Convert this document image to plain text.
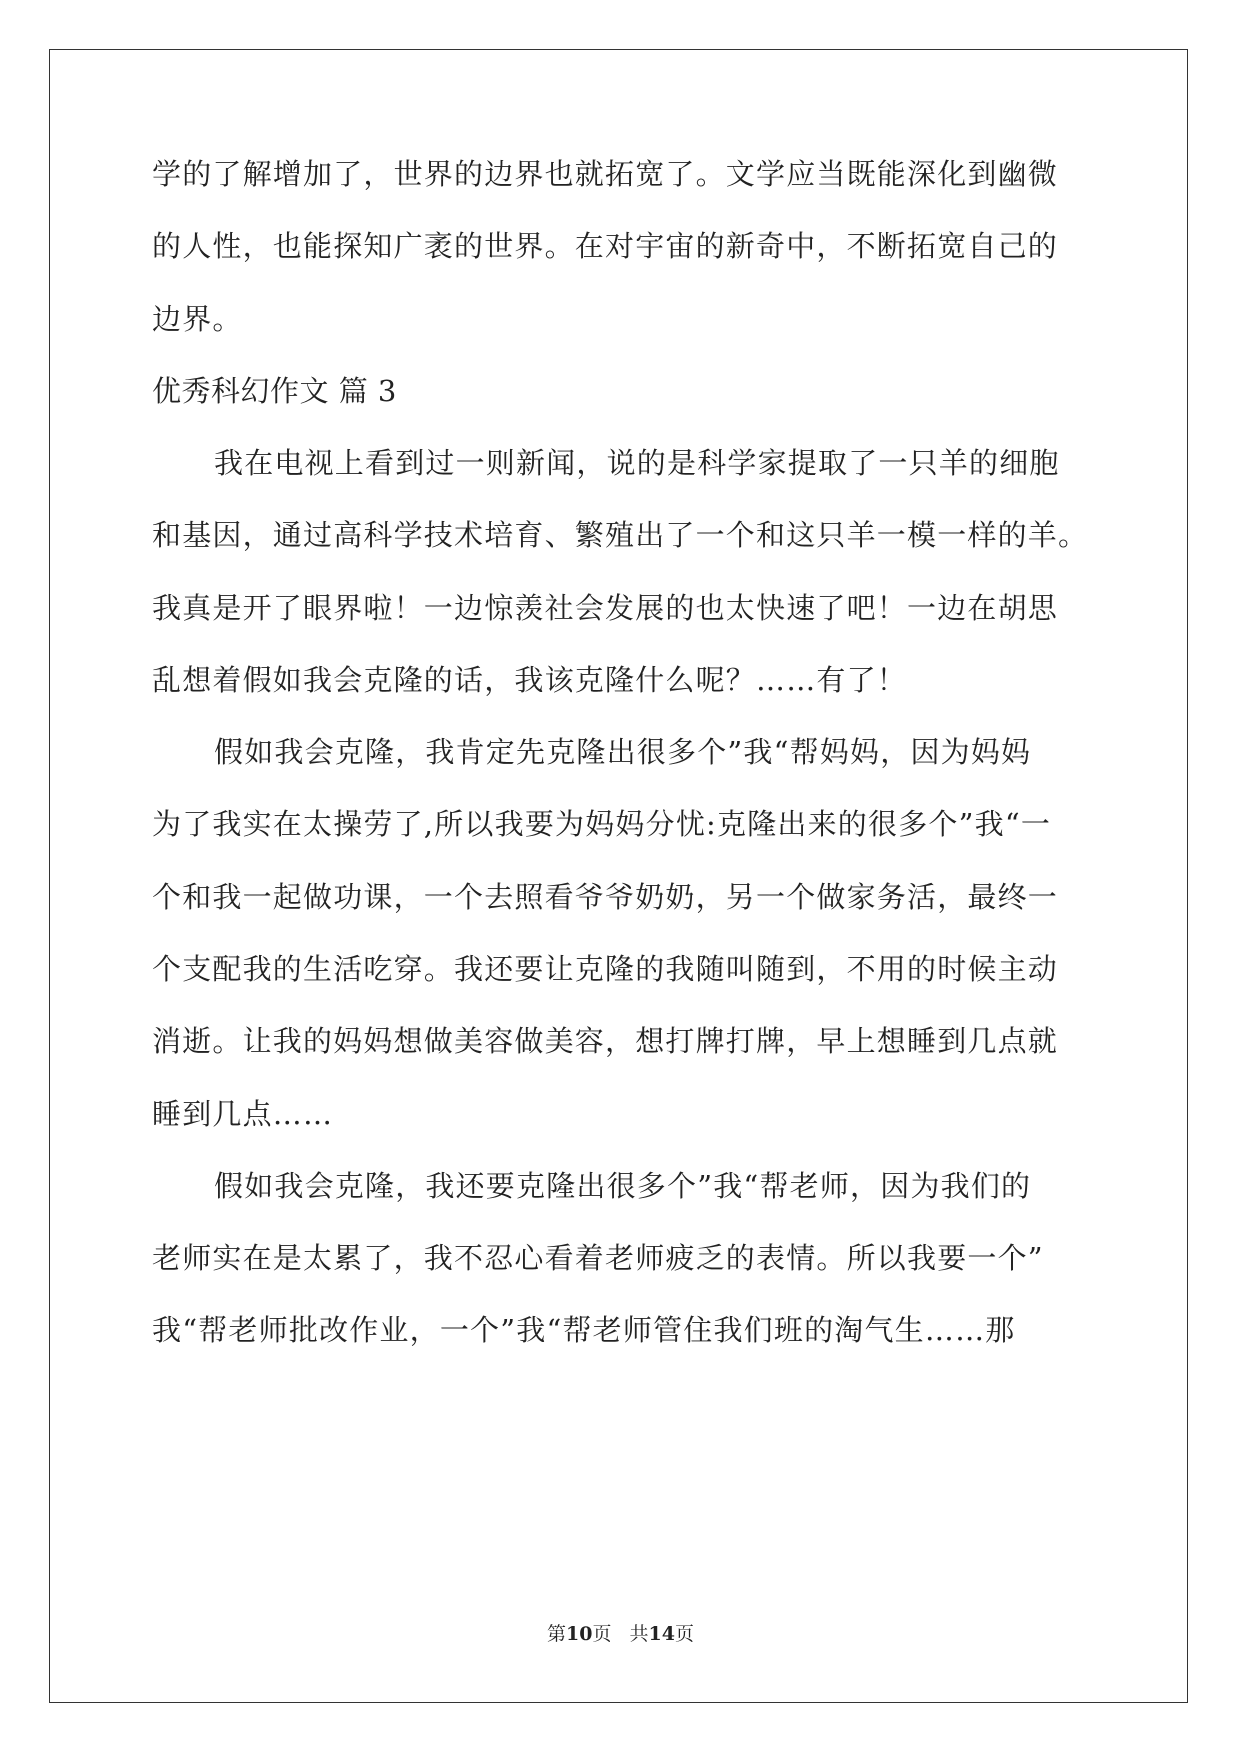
学的了解增加了，世界的边界也就拓宽了。文学应当既能深化到幽微
的人性，也能探知广袤的世界。在对宇宙的新奇中，不断拓宽自己的
边界。
优秀科幻作文 篇 3
我在电视上看到过一则新闻，说的是科学家提取了一只羊的细胞
和基因，通过高科学技术培育、繁殖出了一个和这只羊一模一样的羊。
我真是开了眼界啦！一边惊羡社会发展的也太快速了吧！一边在胡思
乱想着假如我会克隆的话，我该克隆什么呢？……有了！
假如我会克隆，我肯定先克隆出很多个”我“帮妈妈，因为妈妈
为了我实在太操劳了,所以我要为妈妈分忧:克隆出来的很多个”我“一
个和我一起做功课，一个去照看爷爷奶奶，另一个做家务活，最终一
个支配我的生活吃穿。我还要让克隆的我随叫随到，不用的时候主动
消逝。让我的妈妈想做美容做美容，想打牌打牌，早上想睡到几点就
睡到几点……
假如我会克隆，我还要克隆出很多个”我“帮老师，因为我们的
老师实在是太累了，我不忍心看着老师疲乏的表情。所以我要一个”
我“帮老师批改作业，一个”我“帮老师管住我们班的淘气生……那
第10页 共14页
